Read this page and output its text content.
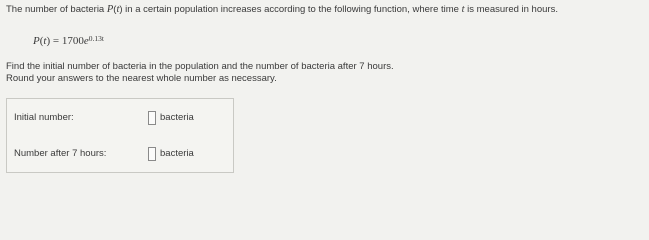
The number of bacteria P(t) in a certain population increases according to the following function, where time t is measured in hours.
$P(t) = 1700e^{0.13t}$
Find the initial number of bacteria in the population and the number of bacteria after 7 hours.
Round your answers to the nearest whole number as necessary.
Initial number:	bacteria
Number after 7 hours:	bacteria
